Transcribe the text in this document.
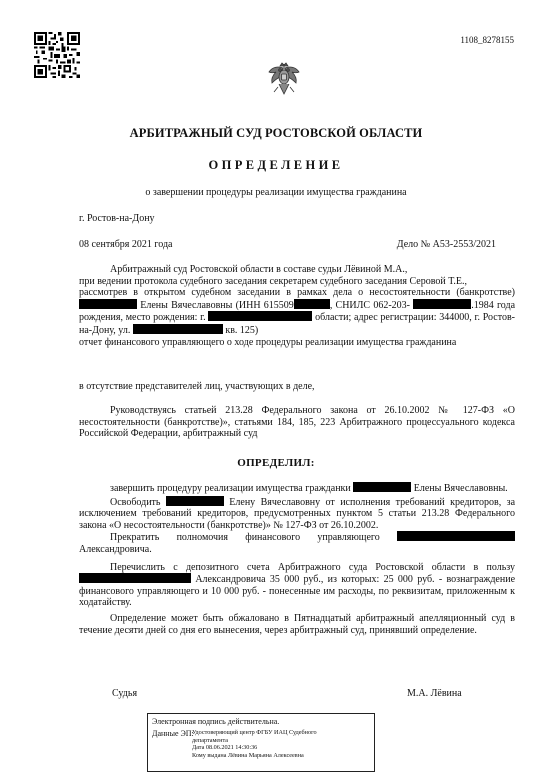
1108_8278155
АРБИТРАЖНЫЙ СУД РОСТОВСКОЙ ОБЛАСТИ
ОПРЕДЕЛЕНИЕ
о завершении процедуры реализации имущества гражданина
г. Ростов-на-Дону
08 сентября 2021 года	Дело № А53-2553/2021
Арбитражный суд Ростовской области в составе судьи Лёвиной М.А.,
при ведении протокола судебного заседания секретарем судебного заседания Серовой Т.Е.,
рассмотрев в открытом судебном заседании в рамках дела о несостоятельности (банкротстве)  Елены Вячеславовны (ИНН 615509	, СНИЛС 062-203-	.1984 года рождения, место рождения: г.	области; адрес регистрации: 344000, г. Ростов-на-Дону, ул.	кв. 125)
отчет финансового управляющего о ходе процедуры реализации имущества гражданина
в отсутствие представителей лиц, участвующих в деле,
Руководствуясь статьей 213.28 Федерального закона от 26.10.2002 № 127-ФЗ «О несостоятельности (банкротстве)», статьями 184, 185, 223 Арбитражного процессуального кодекса Российской Федерации, арбитражный суд
ОПРЕДЕЛИЛ:
завершить процедуру реализации имущества гражданки	Елены Вячеславовны.
Освободить	Елену Вячеславовну от исполнения требований кредиторов, за исключением требований кредиторов, предусмотренных пунктом 5 статьи 213.28 Федерального закона «О несостоятельности (банкротстве)» № 127-ФЗ от 26.10.2002.
Прекратить полномочия финансового управляющего  Александровича.
Перечислить с депозитного счета Арбитражного суда Ростовской области в пользу  Александровича 35 000 руб., из которых: 25 000 руб. - вознаграждение финансового управляющего и 10 000 руб. - понесенные им расходы, по реквизитам, приложенным к ходатайству.
Определение может быть обжаловано в Пятнадцатый арбитражный апелляционный суд в течение десяти дней со дня его вынесения, через арбитражный суд, принявший определение.
Судья	М.А. Лёвина
Электронная подпись действительна.
Данные ЭП:
Удостоверяющий центр ФГБУ ИАЦ Судебного
департамента
Дата 08.06.2021 14:30:36
Кому выдана Лёвина Марьяна Алексеевна
